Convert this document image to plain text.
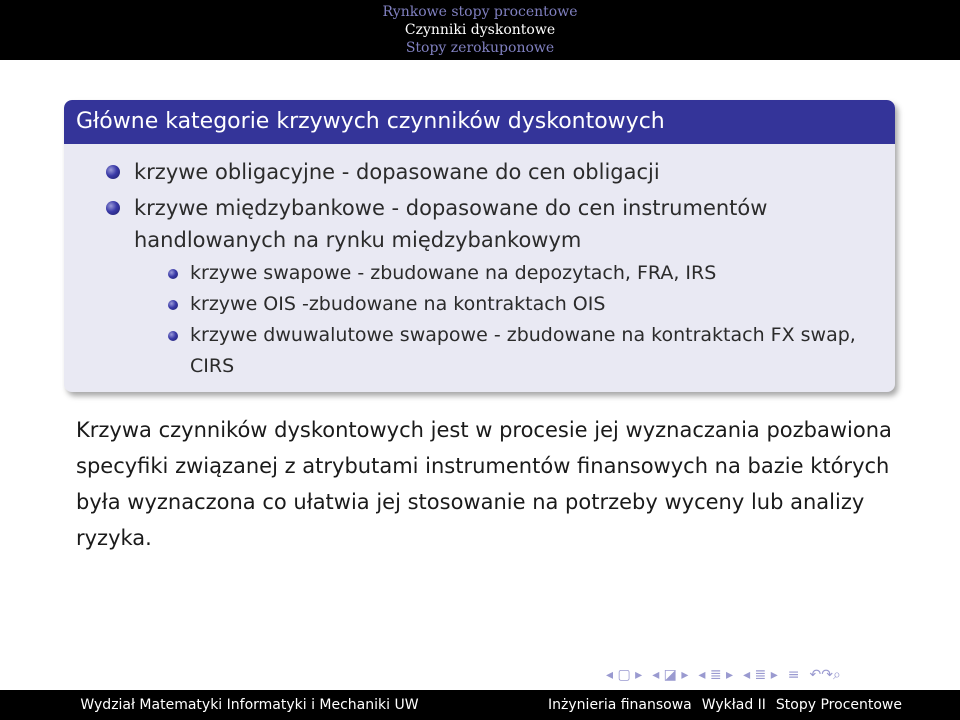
Rynkowe stopy procentowe
Czynniki dyskontowe
Stopy zerokuponowe
Główne kategorie krzywych czynników dyskontowych
krzywe obligacyjne - dopasowane do cen obligacji
krzywe międzybankowe - dopasowane do cen instrumentów handlowanych na rynku międzybankowym
krzywe swapowe - zbudowane na depozytach, FRA, IRS
krzywe OIS -zbudowane na kontraktach OIS
krzywe dwuwalutowe swapowe - zbudowane na kontraktach FX swap, CIRS
Krzywa czynników dyskontowych jest w procesie jej wyznaczania pozbawiona specyfiki związanej z atrybutami instrumentów finansowych na bazie których była wyznaczona co ułatwia jej stosowanie na potrzeby wyceny lub analizy ryzyka.
◂ ▢ ▸ ◂ ◪ ▸ ◂ ≣ ▸ ◂ ≣ ▸ ≡ ↶↷⌕
Wydział Matematyki Informatyki i Mechaniki UW	Inżynieria finansowa Wykład II Stopy Procentowe
